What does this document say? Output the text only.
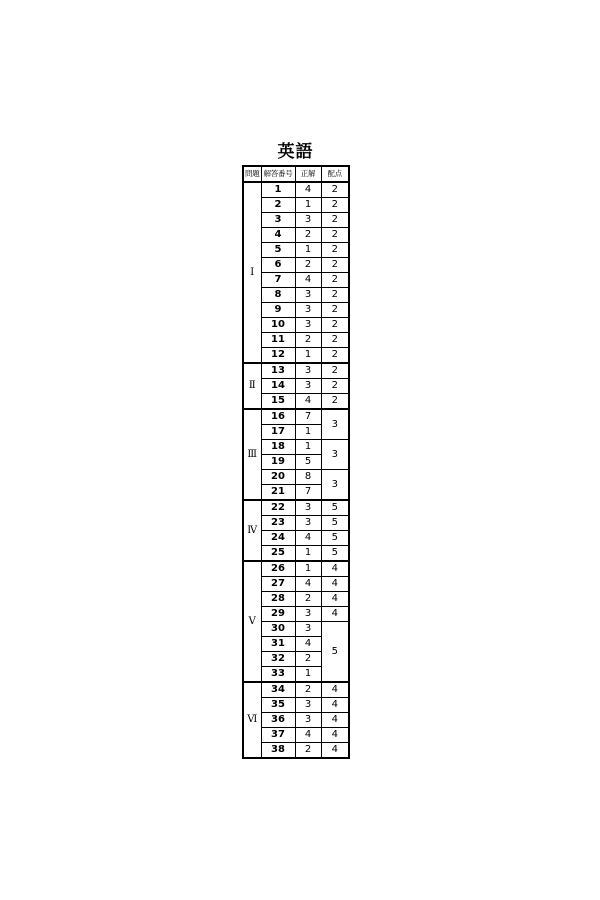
英語
問題	解答番号	正解	配点
Ⅰ	1	4	2
	2	1	2
	3	3	2
	4	2	2
	5	1	2
	6	2	2
	7	4	2
	8	3	2
	9	3	2
	10	3	2
	11	2	2
	12	1	2
Ⅱ	13	3	2
	14	3	2
	15	4	2
Ⅲ	16	7	3
	17	1	
	18	1	3
	19	5	
	20	8	3
	21	7	
Ⅳ	22	3	5
	23	3	5
	24	4	5
	25	1	5
Ⅴ	26	1	4
	27	4	4
	28	2	4
	29	3	4
	30	3	5
	31	4	
	32	2	
	33	1	
Ⅵ	34	2	4
	35	3	4
	36	3	4
	37	4	4
	38	2	4
